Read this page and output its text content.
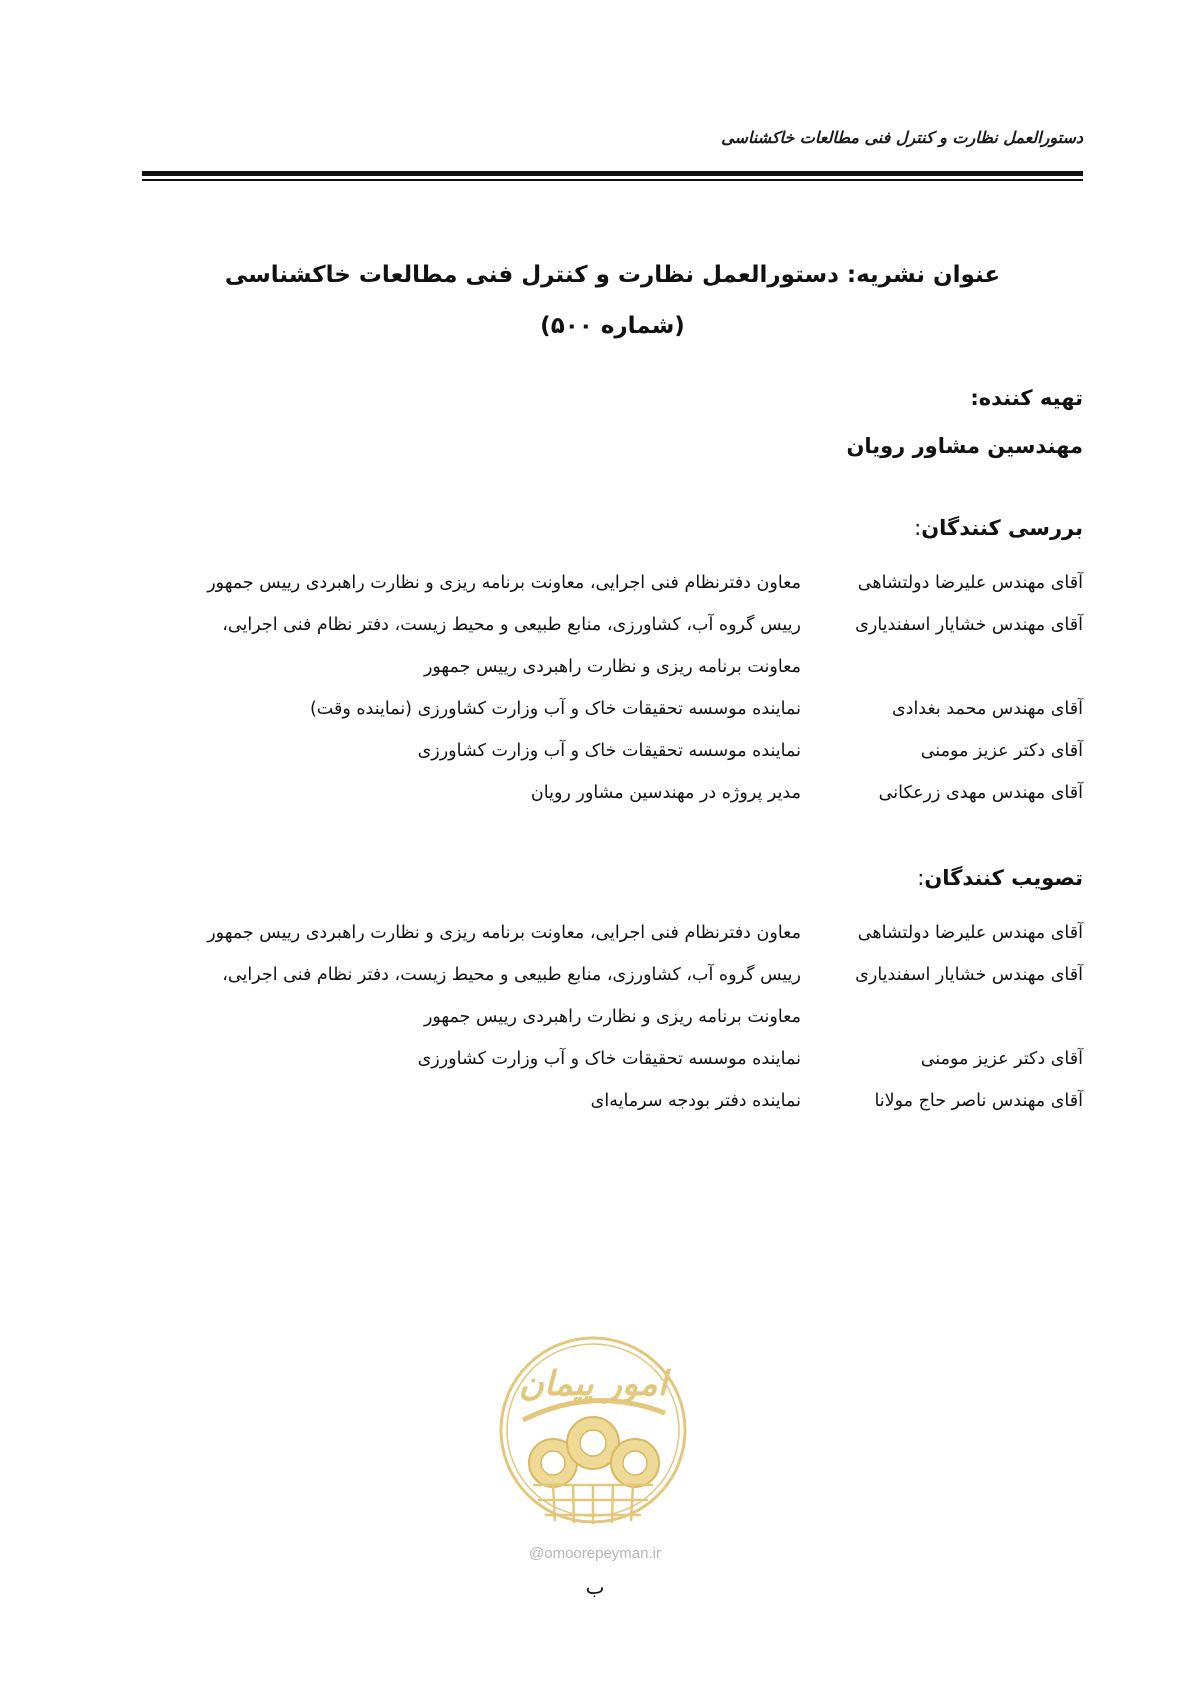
دستورالعمل نظارت و کنترل فنی مطالعات خاکشناسی
عنوان نشریه: دستورالعمل نظارت و کنترل فنی مطالعات خاکشناسی
(شماره ۵۰۰)
تهیه کننده:
مهندسین مشاور رویان
بررسی کنندگان:
آقای مهندس علیرضا دولتشاهی
معاون دفترنظام فنی اجرایی، معاونت برنامه ریزی و نظارت راهبردی رییس جمهور
آقای مهندس خشایار اسفندیاری
رییس گروه آب، کشاورزی، منابع طبیعی و محیط زیست، دفتر نظام فنی اجرایی،
معاونت برنامه ریزی و نظارت راهبردی رییس جمهور
آقای مهندس محمد بغدادی
نماینده موسسه تحقیقات خاک و آب وزارت کشاورزی (نماینده وقت)
آقای دکتر عزیز مومنی
نماینده موسسه تحقیقات خاک و آب وزارت کشاورزی
آقای مهندس مهدی زرعکانی
مدیر پروژه در مهندسین مشاور رویان
تصویب کنندگان:
آقای مهندس علیرضا دولتشاهی
معاون دفترنظام فنی اجرایی، معاونت برنامه ریزی و نظارت راهبردی رییس جمهور
آقای مهندس خشایار اسفندیاری
رییس گروه آب، کشاورزی، منابع طبیعی و محیط زیست، دفتر نظام فنی اجرایی،
معاونت برنامه ریزی و نظارت راهبردی رییس جمهور
آقای دکتر عزیز مومنی
نماینده موسسه تحقیقات خاک و آب وزارت کشاورزی
آقای مهندس ناصر حاج مولانا
نماینده دفتر بودجه سرمایه‌ای
امور پیمان
@omoorepeyman.ir
ب
